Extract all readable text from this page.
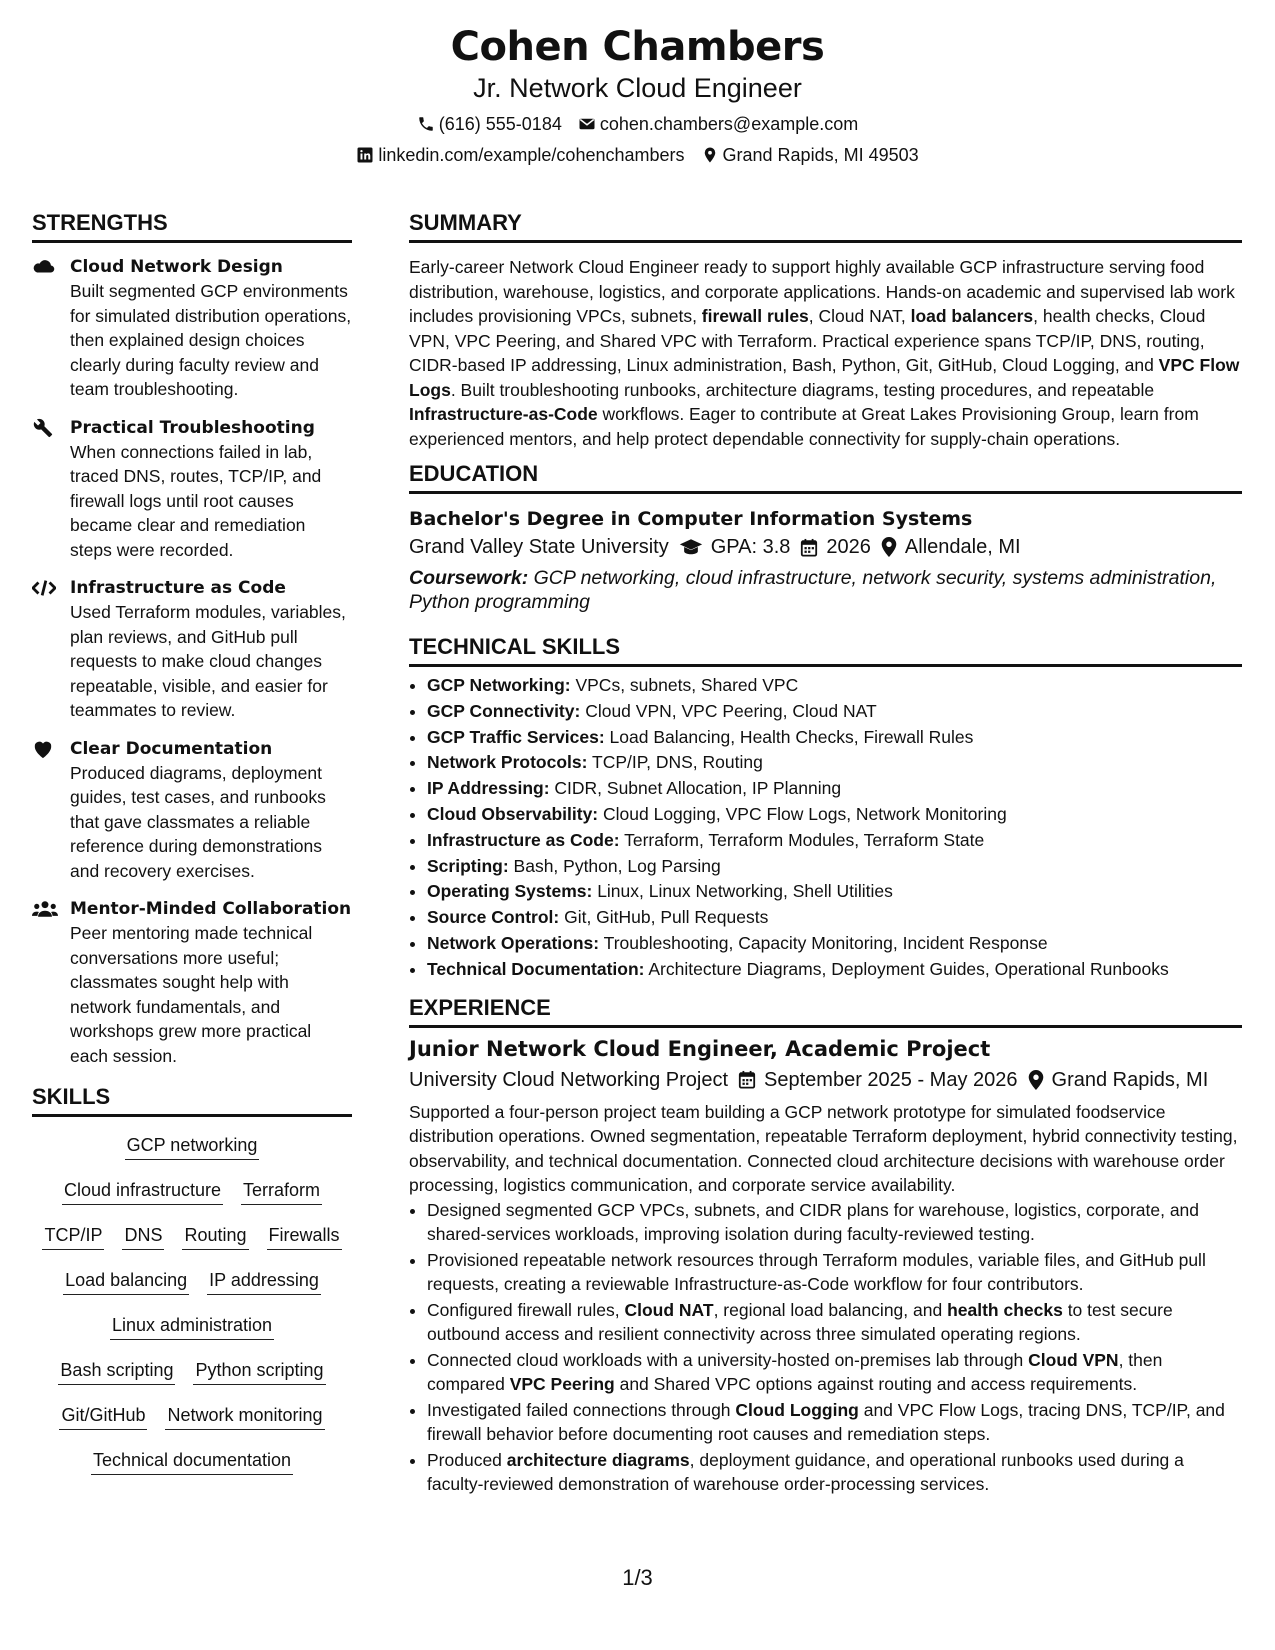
Cohen Chambers
Jr. Network Cloud Engineer
(616) 555-0184 cohen.chambers@example.com
linkedin.com/example/cohenchambers Grand Rapids, MI 49503
STRENGTHS
Cloud Network Design
Built segmented GCP environments for simulated distribution operations, then explained design choices clearly during faculty review and team troubleshooting.
Practical Troubleshooting
When connections failed in lab, traced DNS, routes, TCP/IP, and firewall logs until root causes became clear and remediation steps were recorded.
Infrastructure as Code
Used Terraform modules, variables, plan reviews, and GitHub pull requests to make cloud changes repeatable, visible, and easier for teammates to review.
Clear Documentation
Produced diagrams, deployment guides, test cases, and runbooks that gave classmates a reliable reference during demonstrations and recovery exercises.
Mentor-Minded Collaboration
Peer mentoring made technical conversations more useful; classmates sought help with network fundamentals, and workshops grew more practical each session.
SKILLS
GCP networking
Cloud infrastructure Terraform
TCP/IP DNS Routing Firewalls
Load balancing IP addressing
Linux administration
Bash scripting Python scripting
Git/GitHub Network monitoring
Technical documentation
SUMMARY

Early-career Network Cloud Engineer ready to support highly available GCP infrastructure serving food distribution, warehouse, logistics, and corporate applications. Hands-on academic and supervised lab work includes provisioning VPCs, subnets, firewall rules, Cloud NAT, load balancers, health checks, Cloud VPN, VPC Peering, and Shared VPC with Terraform. Practical experience spans TCP/IP, DNS, routing, CIDR-based IP addressing, Linux administration, Bash, Python, Git, GitHub, Cloud Logging, and VPC Flow Logs. Built troubleshooting runbooks, architecture diagrams, testing procedures, and repeatable Infrastructure-as-Code workflows. Eager to contribute at Great Lakes Provisioning Group, learn from experienced mentors, and help protect dependable connectivity for supply-chain operations.

EDUCATION
Bachelor's Degree in Computer Information Systems
Grand Valley State University GPA: 3.8 2026 Allendale, MI
Coursework: GCP networking, cloud infrastructure, network security, systems administration, Python programming
TECHNICAL SKILLS
• GCP Networking: VPCs, subnets, Shared VPC
• GCP Connectivity: Cloud VPN, VPC Peering, Cloud NAT
• GCP Traffic Services: Load Balancing, Health Checks, Firewall Rules
• Network Protocols: TCP/IP, DNS, Routing
• IP Addressing: CIDR, Subnet Allocation, IP Planning
• Cloud Observability: Cloud Logging, VPC Flow Logs, Network Monitoring
• Infrastructure as Code: Terraform, Terraform Modules, Terraform State
• Scripting: Bash, Python, Log Parsing
• Operating Systems: Linux, Linux Networking, Shell Utilities
• Source Control: Git, GitHub, Pull Requests
• Network Operations: Troubleshooting, Capacity Monitoring, Incident Response
• Technical Documentation: Architecture Diagrams, Deployment Guides, Operational Runbooks
EXPERIENCE
Junior Network Cloud Engineer, Academic Project
University Cloud Networking Project September 2025 - May 2026 Grand Rapids, MI

Supported a four-person project team building a GCP network prototype for simulated foodservice distribution operations. Owned segmentation, repeatable Terraform deployment, hybrid connectivity testing, observability, and technical documentation. Connected cloud architecture decisions with warehouse order processing, logistics communication, and corporate service availability.

• Designed segmented GCP VPCs, subnets, and CIDR plans for warehouse, logistics, corporate, and shared-services workloads, improving isolation during faculty-reviewed testing.
• Provisioned repeatable network resources through Terraform modules, variable files, and GitHub pull requests, creating a reviewable Infrastructure-as-Code workflow for four contributors.
• Configured firewall rules, Cloud NAT, regional load balancing, and health checks to test secure outbound access and resilient connectivity across three simulated operating regions.
• Connected cloud workloads with a university-hosted on-premises lab through Cloud VPN, then compared VPC Peering and Shared VPC options against routing and access requirements.
• Investigated failed connections through Cloud Logging and VPC Flow Logs, tracing DNS, TCP/IP, and firewall behavior before documenting root causes and remediation steps.
• Produced architecture diagrams, deployment guidance, and operational runbooks used during a faculty-reviewed demonstration of warehouse order-processing services.
1/3
